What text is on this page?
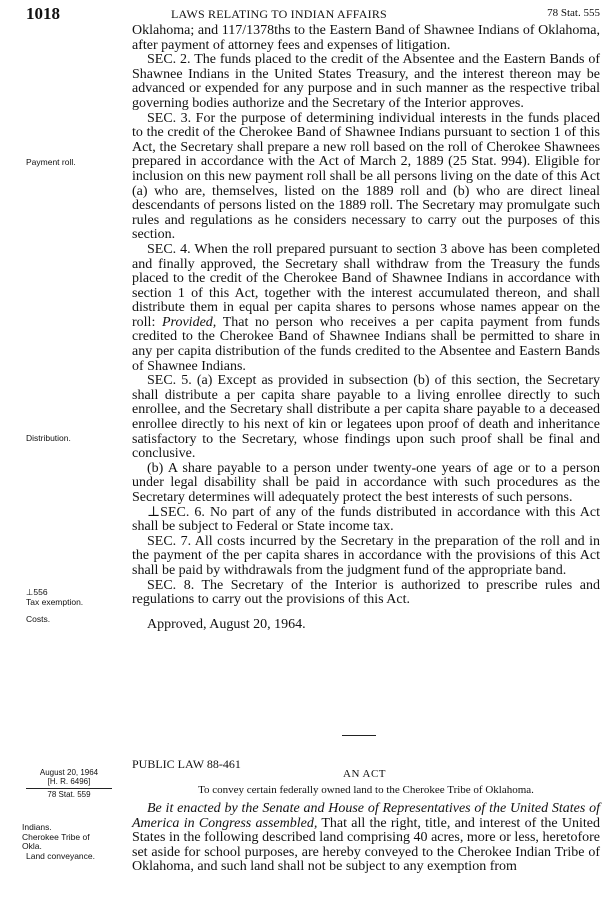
1018	LAWS RELATING TO INDIAN AFFAIRS	78 Stat. 555

Oklahoma; and 117/1378ths to the Eastern Band of Shawnee Indians of Oklahoma, after payment of attorney fees and expenses of litigation.

SEC. 2. The funds placed to the credit of the Absentee and the Eastern Bands of Shawnee Indians in the United States Treasury, and the interest thereon may be advanced or expended for any purpose and in such manner as the respective tribal governing bodies authorize and the Secretary of the Interior approves.

SEC. 3. For the purpose of determining individual interests in the funds placed to the credit of the Cherokee Band of Shawnee Indians pursuant to section 1 of this Act, the Secretary shall prepare a new roll based on the roll of Cherokee Shawnees prepared in accordance with the Act of March 2, 1889 (25 Stat. 994). Eligible for inclusion on this new payment roll shall be all persons living on the date of this Act (a) who are, themselves, listed on the 1889 roll and (b) who are direct lineal descendants of persons listed on the 1889 roll. The Secretary may promulgate such rules and regulations as he considers necessary to carry out the purposes of this section.

SEC. 4. When the roll prepared pursuant to section 3 above has been completed and finally approved, the Secretary shall withdraw from the Treasury the funds placed to the credit of the Cherokee Band of Shawnee Indians in accordance with section 1 of this Act, together with the interest accumulated thereon, and shall distribute them in equal per capita shares to persons whose names appear on the roll: Provided, That no person who receives a per capita payment from funds credited to the Cherokee Band of Shawnee Indians shall be permitted to share in any per capita distribution of the funds credited to the Absentee and Eastern Bands of Shawnee Indians.

SEC. 5. (a) Except as provided in subsection (b) of this section, the Secretary shall distribute a per capita share payable to a living enrollee directly to such enrollee, and the Secretary shall distribute a per capita share payable to a deceased enrollee directly to his next of kin or legatees upon proof of death and inheritance satisfactory to the Secretary, whose findings upon such proof shall be final and conclusive.

(b) A share payable to a person under twenty-one years of age or to a person under legal disability shall be paid in accordance with such procedures as the Secretary determines will adequately protect the best interests of such persons.

⊥SEC. 6. No part of any of the funds distributed in accordance with this Act shall be subject to Federal or State income tax.

SEC. 7. All costs incurred by the Secretary in the preparation of the roll and in the payment of the per capita shares in accordance with the provisions of this Act shall be paid by withdrawals from the judgment fund of the appropriate band.

SEC. 8. The Secretary of the Interior is authorized to prescribe rules and regulations to carry out the provisions of this Act.

Approved, August 20, 1964.

Payment roll.
Distribution.
⊥556
Tax exemption.
Costs.
PUBLIC LAW 88-461
AN ACT
To convey certain federally owned land to the Cherokee Tribe of Oklahoma.

Be it enacted by the Senate and House of Representatives of the United States of America in Congress assembled, That all the right, title, and interest of the United States in the following described land comprising 40 acres, more or less, heretofore set aside for school purposes, are hereby conveyed to the Cherokee Indian Tribe of Oklahoma, and such land shall not be subject to any exemption from

August 20, 1964
[H. R. 6496]
78 Stat. 559
Indians.
Cherokee Tribe of
Okla.
Land conveyance.
